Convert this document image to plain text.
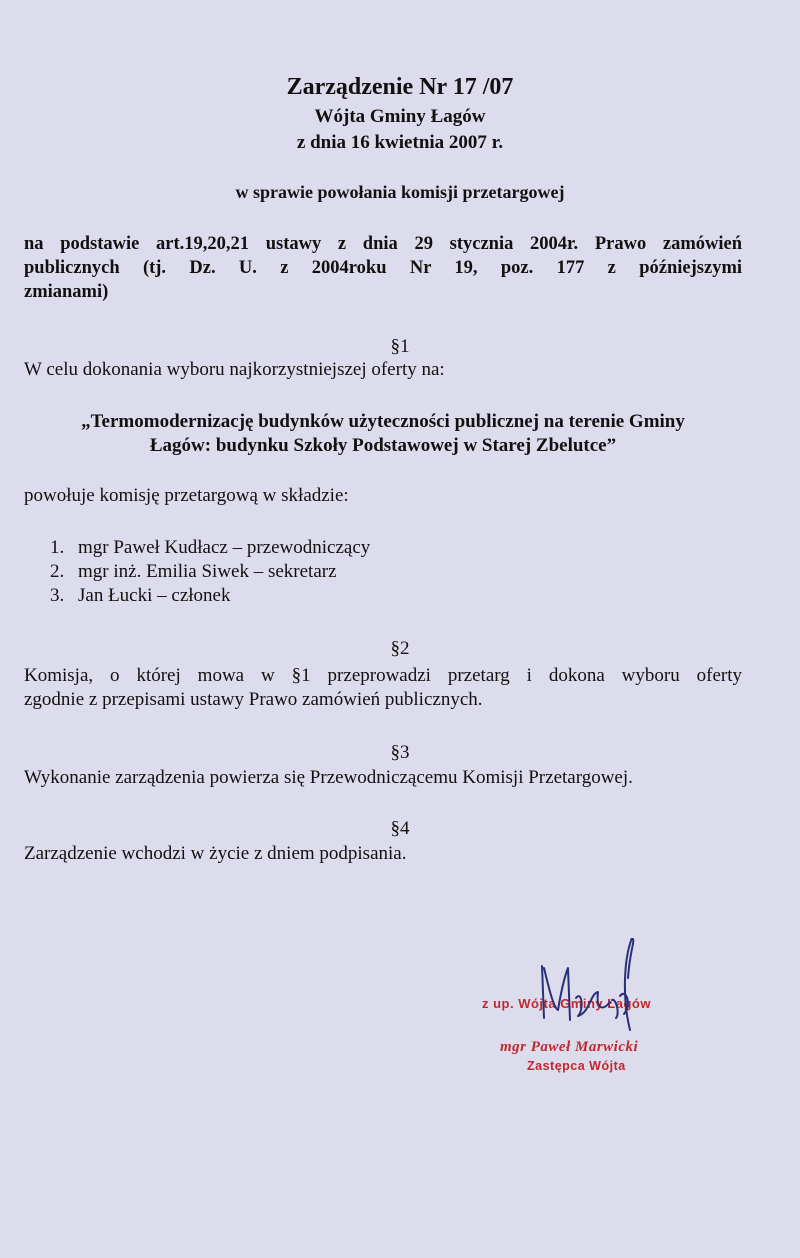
Zarządzenie Nr 17 /07
Wójta Gminy Łagów
z dnia 16 kwietnia 2007 r.
w sprawie powołania komisji przetargowej
na podstawie art.19,20,21 ustawy z dnia 29 stycznia 2004r. Prawo zamówień
publicznych (tj. Dz. U. z 2004roku Nr 19, poz. 177 z późniejszymi
zmianami)
§1
W celu dokonania wyboru najkorzystniejszej oferty na:
„Termomodernizację budynków użyteczności publicznej na terenie Gminy
Łagów: budynku Szkoły Podstawowej w Starej Zbelutce”
powołuje komisję przetargową w składzie:
1. mgr Paweł Kudłacz – przewodniczący
2. mgr inż. Emilia Siwek – sekretarz
3. Jan Łucki – członek
§2
Komisja, o której mowa w §1 przeprowadzi przetarg i dokona wyboru oferty
zgodnie z przepisami ustawy Prawo zamówień publicznych.
§3
Wykonanie zarządzenia powierza się Przewodniczącemu Komisji Przetargowej.
§4
Zarządzenie wchodzi w życie z dniem podpisania.
z up. Wójta Gminy Łagów
mgr Paweł Marwicki
Zastępca Wójta
